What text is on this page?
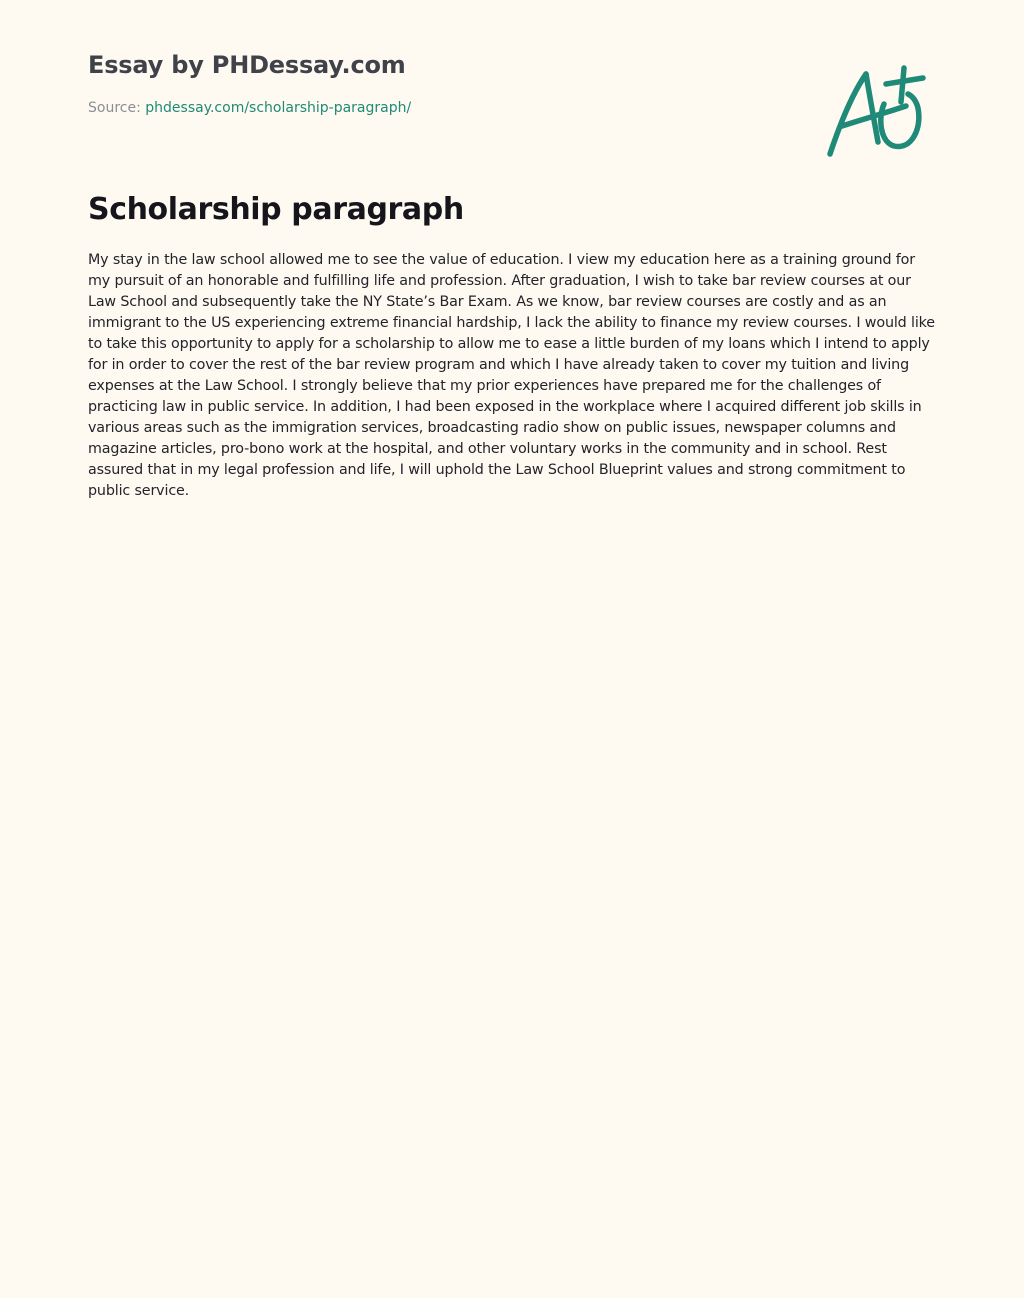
Essay by PHDessay.com
Source: phdessay.com/scholarship-paragraph/
Scholarship paragraph

My stay in the law school allowed me to see the value of education. I view my education here as a training ground for my pursuit of an honorable and fulfilling life and profession. After graduation, I wish to take bar review courses at our Law School and subsequently take the NY State’s Bar Exam. As we know, bar review courses are costly and as an immigrant to the US experiencing extreme financial hardship, I lack the ability to finance my review courses. I would like to take this opportunity to apply for a scholarship to allow me to ease a little burden of my loans which I intend to apply for in order to cover the rest of the bar review program and which I have already taken to cover my tuition and living expenses at the Law School. I strongly believe that my prior experiences have prepared me for the challenges of practicing law in public service. In addition, I had been exposed in the workplace where I acquired different job skills in various areas such as the immigration services, broadcasting radio show on public issues, newspaper columns and magazine articles, pro-bono work at the hospital, and other voluntary works in the community and in school. Rest assured that in my legal profession and life, I will uphold the Law School Blueprint values and strong commitment to public service.
